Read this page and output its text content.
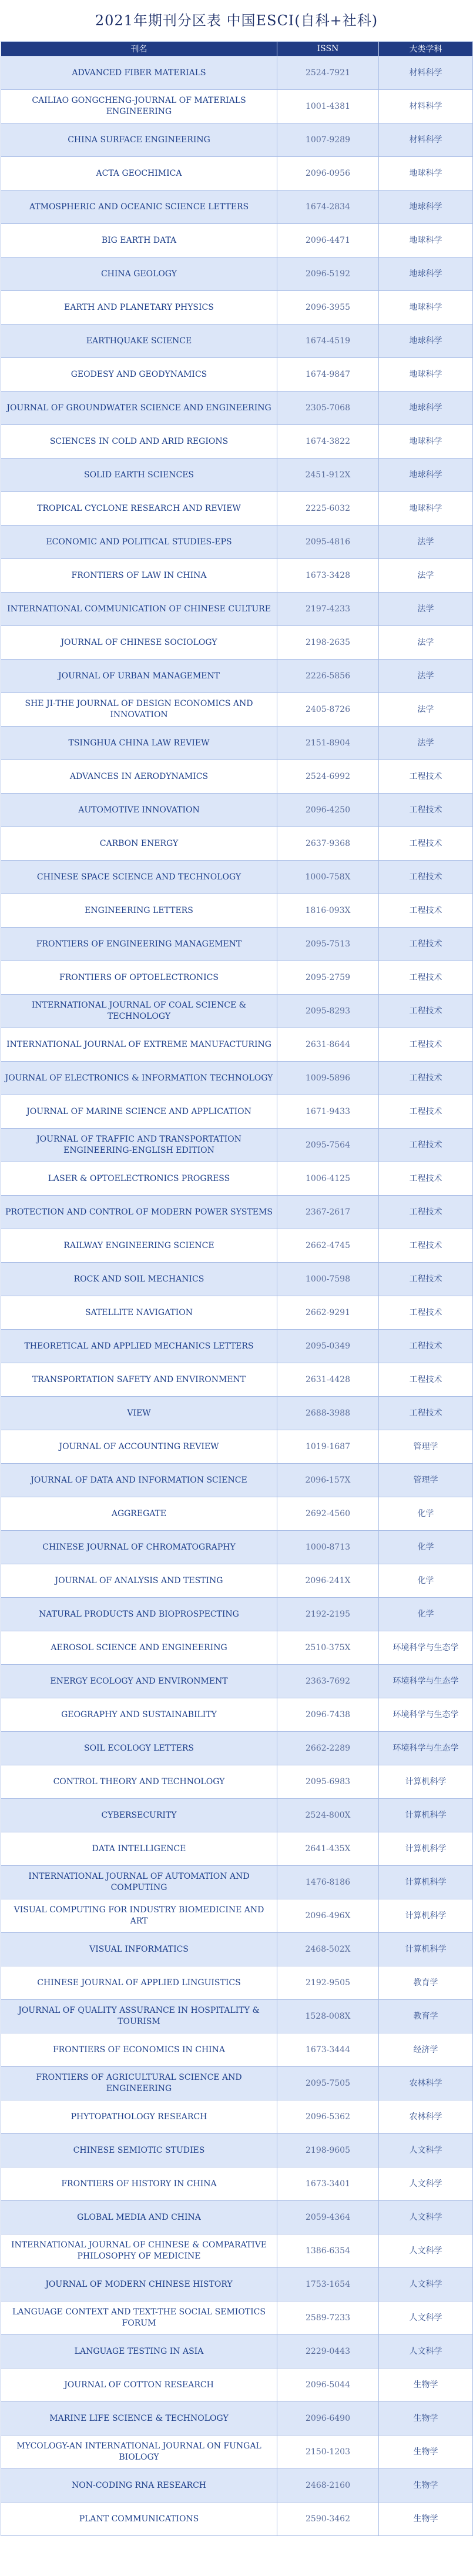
2021年期刊分区表 中国ESCI(自科+社科)
刊名	ISSN	大类学科
ADVANCED FIBER MATERIALS	2524-7921	材料科学
CAILIAO GONGCHENG-JOURNAL OF MATERIALS ENGINEERING	1001-4381	材料科学
CHINA SURFACE ENGINEERING	1007-9289	材料科学
ACTA GEOCHIMICA	2096-0956	地球科学
ATMOSPHERIC AND OCEANIC SCIENCE LETTERS	1674-2834	地球科学
BIG EARTH DATA	2096-4471	地球科学
CHINA GEOLOGY	2096-5192	地球科学
EARTH AND PLANETARY PHYSICS	2096-3955	地球科学
EARTHQUAKE SCIENCE	1674-4519	地球科学
GEODESY AND GEODYNAMICS	1674-9847	地球科学
JOURNAL OF GROUNDWATER SCIENCE AND ENGINEERING	2305-7068	地球科学
SCIENCES IN COLD AND ARID REGIONS	1674-3822	地球科学
SOLID EARTH SCIENCES	2451-912X	地球科学
TROPICAL CYCLONE RESEARCH AND REVIEW	2225-6032	地球科学
ECONOMIC AND POLITICAL STUDIES-EPS	2095-4816	法学
FRONTIERS OF LAW IN CHINA	1673-3428	法学
INTERNATIONAL COMMUNICATION OF CHINESE CULTURE	2197-4233	法学
JOURNAL OF CHINESE SOCIOLOGY	2198-2635	法学
JOURNAL OF URBAN MANAGEMENT	2226-5856	法学
SHE JI-THE JOURNAL OF DESIGN ECONOMICS AND INNOVATION	2405-8726	法学
TSINGHUA CHINA LAW REVIEW	2151-8904	法学
ADVANCES IN AERODYNAMICS	2524-6992	工程技术
AUTOMOTIVE INNOVATION	2096-4250	工程技术
CARBON ENERGY	2637-9368	工程技术
CHINESE SPACE SCIENCE AND TECHNOLOGY	1000-758X	工程技术
ENGINEERING LETTERS	1816-093X	工程技术
FRONTIERS OF ENGINEERING MANAGEMENT	2095-7513	工程技术
FRONTIERS OF OPTOELECTRONICS	2095-2759	工程技术
INTERNATIONAL JOURNAL OF COAL SCIENCE & TECHNOLOGY	2095-8293	工程技术
INTERNATIONAL JOURNAL OF EXTREME MANUFACTURING	2631-8644	工程技术
JOURNAL OF ELECTRONICS & INFORMATION TECHNOLOGY	1009-5896	工程技术
JOURNAL OF MARINE SCIENCE AND APPLICATION	1671-9433	工程技术
JOURNAL OF TRAFFIC AND TRANSPORTATION ENGINEERING-ENGLISH EDITION	2095-7564	工程技术
LASER & OPTOELECTRONICS PROGRESS	1006-4125	工程技术
PROTECTION AND CONTROL OF MODERN POWER SYSTEMS	2367-2617	工程技术
RAILWAY ENGINEERING SCIENCE	2662-4745	工程技术
ROCK AND SOIL MECHANICS	1000-7598	工程技术
SATELLITE NAVIGATION	2662-9291	工程技术
THEORETICAL AND APPLIED MECHANICS LETTERS	2095-0349	工程技术
TRANSPORTATION SAFETY AND ENVIRONMENT	2631-4428	工程技术
VIEW	2688-3988	工程技术
JOURNAL OF ACCOUNTING REVIEW	1019-1687	管理学
JOURNAL OF DATA AND INFORMATION SCIENCE	2096-157X	管理学
AGGREGATE	2692-4560	化学
CHINESE JOURNAL OF CHROMATOGRAPHY	1000-8713	化学
JOURNAL OF ANALYSIS AND TESTING	2096-241X	化学
NATURAL PRODUCTS AND BIOPROSPECTING	2192-2195	化学
AEROSOL SCIENCE AND ENGINEERING	2510-375X	环境科学与生态学
ENERGY ECOLOGY AND ENVIRONMENT	2363-7692	环境科学与生态学
GEOGRAPHY AND SUSTAINABILITY	2096-7438	环境科学与生态学
SOIL ECOLOGY LETTERS	2662-2289	环境科学与生态学
CONTROL THEORY AND TECHNOLOGY	2095-6983	计算机科学
CYBERSECURITY	2524-800X	计算机科学
DATA INTELLIGENCE	2641-435X	计算机科学
INTERNATIONAL JOURNAL OF AUTOMATION AND COMPUTING	1476-8186	计算机科学
VISUAL COMPUTING FOR INDUSTRY BIOMEDICINE AND ART	2096-496X	计算机科学
VISUAL INFORMATICS	2468-502X	计算机科学
CHINESE JOURNAL OF APPLIED LINGUISTICS	2192-9505	教育学
JOURNAL OF QUALITY ASSURANCE IN HOSPITALITY & TOURISM	1528-008X	教育学
FRONTIERS OF ECONOMICS IN CHINA	1673-3444	经济学
FRONTIERS OF AGRICULTURAL SCIENCE AND ENGINEERING	2095-7505	农林科学
PHYTOPATHOLOGY RESEARCH	2096-5362	农林科学
CHINESE SEMIOTIC STUDIES	2198-9605	人文科学
FRONTIERS OF HISTORY IN CHINA	1673-3401	人文科学
GLOBAL MEDIA AND CHINA	2059-4364	人文科学
INTERNATIONAL JOURNAL OF CHINESE & COMPARATIVE PHILOSOPHY OF MEDICINE	1386-6354	人文科学
JOURNAL OF MODERN CHINESE HISTORY	1753-1654	人文科学
LANGUAGE CONTEXT AND TEXT-THE SOCIAL SEMIOTICS FORUM	2589-7233	人文科学
LANGUAGE TESTING IN ASIA	2229-0443	人文科学
JOURNAL OF COTTON RESEARCH	2096-5044	生物学
MARINE LIFE SCIENCE & TECHNOLOGY	2096-6490	生物学
MYCOLOGY-AN INTERNATIONAL JOURNAL ON FUNGAL BIOLOGY	2150-1203	生物学
NON-CODING RNA RESEARCH	2468-2160	生物学
PLANT COMMUNICATIONS	2590-3462	生物学
